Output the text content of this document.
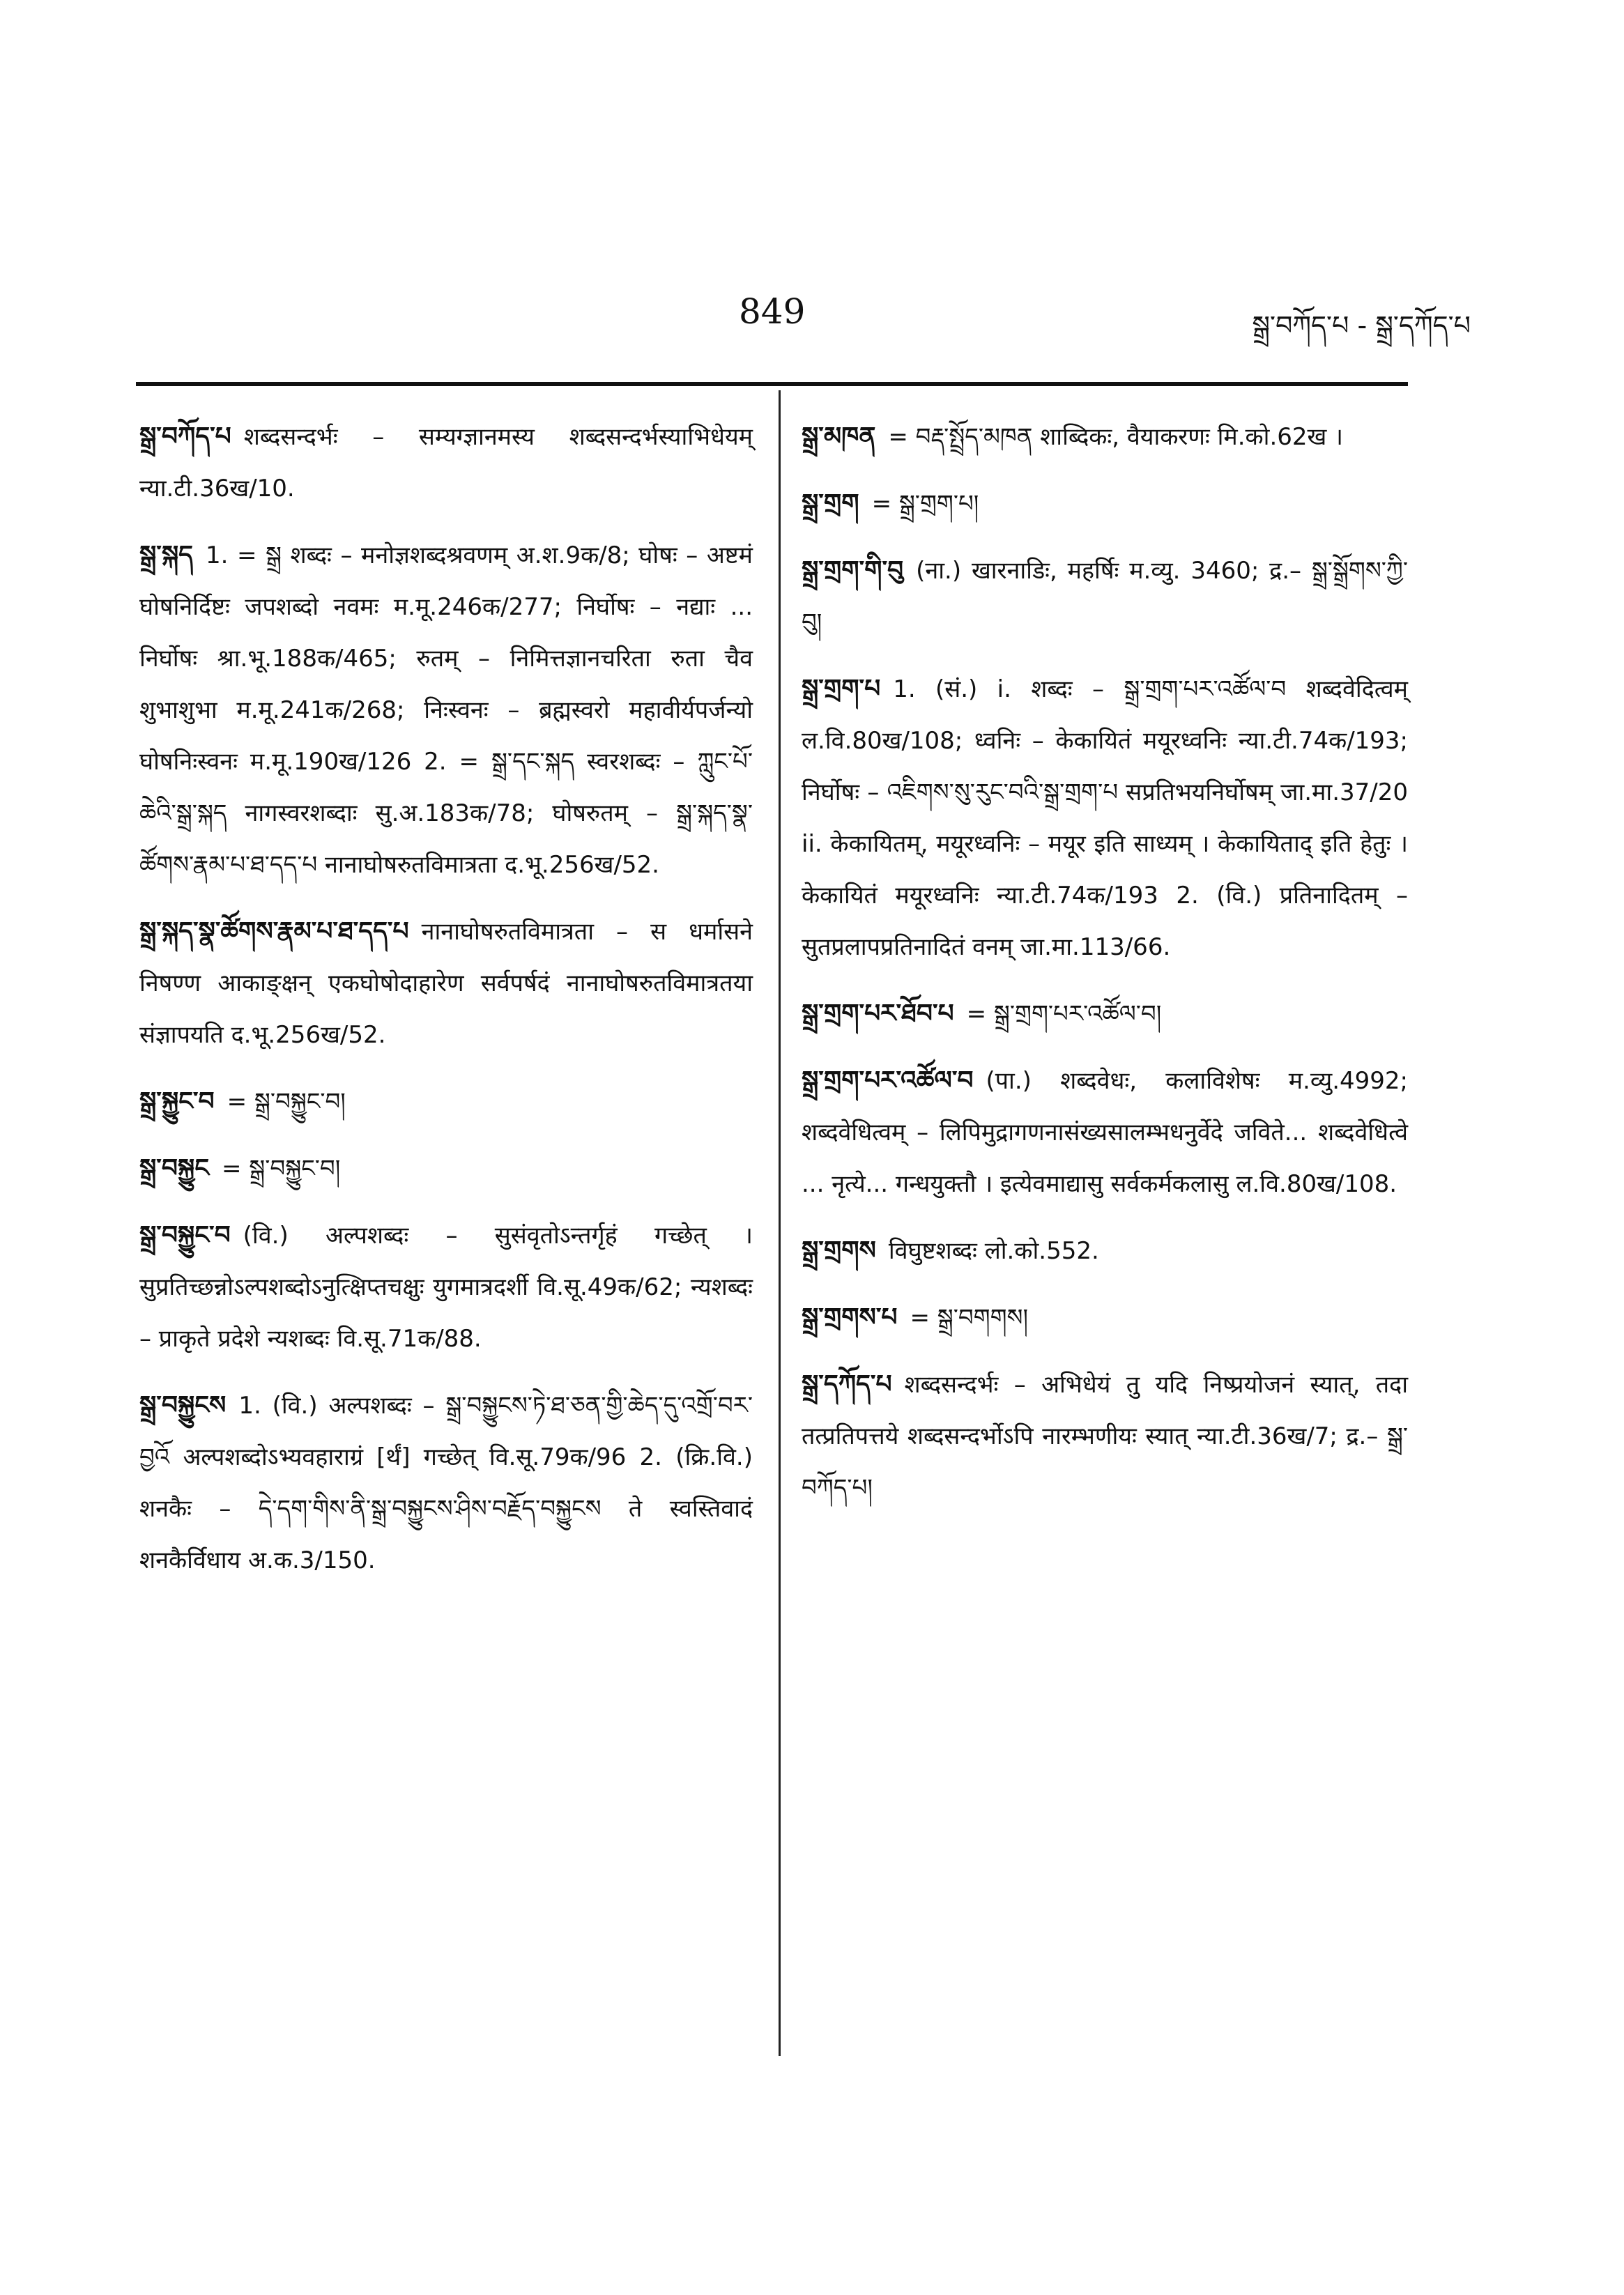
849	སྒྲ་བཀོད་པ - སྒྲ་དཀོད་པ
སྒྲ་བཀོད་པ शब्दसन्दर्भः – सम्यग्ज्ञानमस्य शब्दसन्दर्भस्याभिधेयम् न्या.टी.36ख/10.
སྒྲ་སྐད 1. = སྒྲ शब्दः – मनोज्ञशब्दश्रवणम् अ.श.9क/8; घोषः – अष्टमं घोषनिर्दिष्टः जपशब्दो नवमः म.मू.246क/277; निर्घोषः – नद्याः ... निर्घोषः श्रा.भू.188क/465; रुतम् – निमित्तज्ञानचरिता रुता चैव शुभाशुभा म.मू.241क/268; निःस्वनः – ब्रह्मस्वरो महावीर्यपर्जन्यो घोषनिःस्वनः म.मू.190ख/126 2. = སྒྲ་དང་སྐད स्वरशब्दः – ཀླུང་པོ་ཆེའི་སྒྲ་སྐད नागस्वरशब्दाः सु.अ.183क/78; घोषरुतम् – སྒྲ་སྐད་སྣ་ཚོགས་རྣམ་པ་ཐ་དད་པ नानाघोषरुतविमात्रता द.भू.256ख/52.
སྒྲ་སྐད་སྣ་ཚོགས་རྣམ་པ་ཐ་དད་པ नानाघोषरुतविमात्रता – स धर्मासने निषण्ण आकाङ्क्षन् एकघोषोदाहारेण सर्वपर्षदं नानाघोषरुतविमात्रतया संज्ञापयति द.भू.256ख/52.
སྒྲ་སྐྱུང་བ = སྒྲ་བསྐྱུང་བ།
སྒྲ་བསྐྱུང = སྒྲ་བསྐྱུང་བ།
སྒྲ་བསྐྱུང་བ (वि.) अल्पशब्दः – सुसंवृतोऽन्तर्गृहं गच्छेत् । सुप्रतिच्छन्नोऽल्पशब्दोऽनुत्क्षिप्तचक्षुः युगमात्रदर्शी वि.सू.49क/62; न्यशब्दः – प्राकृते प्रदेशे न्यशब्दः वि.सू.71क/88.
སྒྲ་བསྐྱུངས 1. (वि.) अल्पशब्दः – སྒྲ་བསྐྱུངས་ཏེ་ཐ་ཅན་གྱི་ཆེད་དུ་འགྲོ་བར་བྱའོ अल्पशब्दोऽभ्यवहाराग्रं [र्थं] गच्छेत् वि.सू.79क/96 2. (क्रि.वि.) शनकैः – དེ་དག་གིས་ནི་སྒྲ་བསྐྱུངས་ཤིས་བརྗོད་བསྐྱུངས ते स्वस्तिवादं शनकैर्विधाय अ.क.3/150.
སྒྲ་མཁན = བརྡ་སྤྲོད་མཁན शाब्दिकः, वैयाकरणः मि.को.62ख ।
སྒྲ་གྲག = སྒྲ་གྲག་པ།
སྒྲ་གྲག་གི་བུ (ना.) खारनाडिः, महर्षिः म.व्यु. 3460; द्र.– སྒྲ་སྒྲོགས་ཀྱི་བུ།
སྒྲ་གྲག་པ 1. (सं.) i. शब्दः – སྒྲ་གྲག་པར་འཚོལ་བ शब्दवेदित्वम् ल.वि.80ख/108; ध्वनिः – केकायितं मयूरध्वनिः न्या.टी.74क/193; निर्घोषः – འཇིགས་སུ་རུང་བའི་སྒྲ་གྲག་པ सप्रतिभयनिर्घोषम् जा.मा.37/20 ii. केकायितम्, मयूरध्वनिः – मयूर इति साध्यम् । केकायिताद् इति हेतुः । केकायितं मयूरध्वनिः न्या.टी.74क/193 2. (वि.) प्रतिनादितम् – सुतप्रलापप्रतिनादितं वनम् जा.मा.113/66.
སྒྲ་གྲག་པར་ཐོབ་པ = སྒྲ་གྲག་པར་འཚོལ་བ།
སྒྲ་གྲག་པར་འཚོལ་བ (पा.) शब्दवेधः, कलाविशेषः म.व्यु.4992; शब्दवेधित्वम् – लिपिमुद्रागणनासंख्यसालम्भधनुर्वेदे जविते... शब्दवेधित्वे ... नृत्ये... गन्धयुक्तौ । इत्येवमाद्यासु सर्वकर्मकलासु ल.वि.80ख/108.
སྒྲ་གྲགས विघुष्टशब्दः लो.को.552.
སྒྲ་གྲགས་པ = སྒྲ་བགགས།
སྒྲ་དཀོད་པ शब्दसन्दर्भः – अभिधेयं तु यदि निष्प्रयोजनं स्यात्, तदा तत्प्रतिपत्तये शब्दसन्दर्भोऽपि नारम्भणीयः स्यात् न्या.टी.36ख/7; द्र.– སྒྲ་བཀོད་པ།
